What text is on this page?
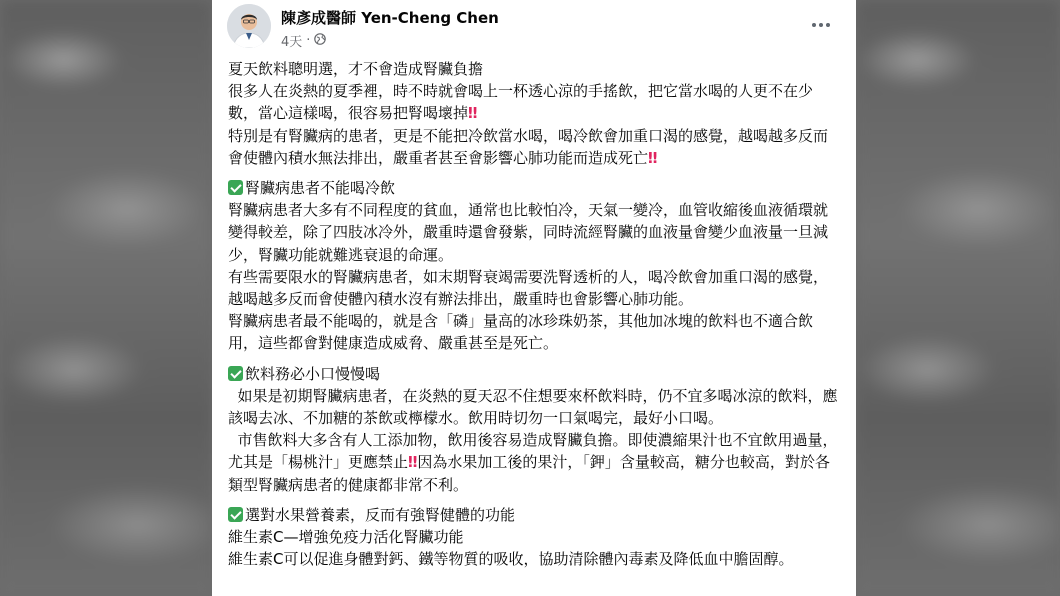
陳彥成醫師 Yen-Cheng Chen
4天 ·

夏天飲料聰明選，才不會造成腎臟負擔

很多人在炎熱的夏季裡，時不時就會喝上一杯透心涼的手搖飲，把它當水喝的人更不在少數，當心這樣喝，很容易把腎喝壞掉‼

特別是有腎臟病的患者，更是不能把冷飲當水喝，喝冷飲會加重口渴的感覺，越喝越多反而會使體內積水無法排出，嚴重者甚至會影響心肺功能而造成死亡‼

腎臟病患者不能喝冷飲

腎臟病患者大多有不同程度的貧血，通常也比較怕冷，天氣一變冷，血管收縮後血液循環就變得較差，除了四肢冰冷外，嚴重時還會發紫，同時流經腎臟的血液量會變少血液量一旦減少，腎臟功能就難逃衰退的命運。

有些需要限水的腎臟病患者，如末期腎衰竭需要洗腎透析的人，喝冷飲會加重口渴的感覺，越喝越多反而會使體內積水沒有辦法排出，嚴重時也會影響心肺功能。

腎臟病患者最不能喝的，就是含「磷」量高的冰珍珠奶茶，其他加冰塊的飲料也不適合飲用，這些都會對健康造成威脅、嚴重甚至是死亡。

飲料務必小口慢慢喝

如果是初期腎臟病患者，在炎熱的夏天忍不住想要來杯飲料時，仍不宜多喝冰涼的飲料，應該喝去冰、不加糖的茶飲或檸檬水。飲用時切勿一口氣喝完，最好小口喝。

市售飲料大多含有人工添加物，飲用後容易造成腎臟負擔。即使濃縮果汁也不宜飲用過量，尤其是「楊桃汁」更應禁止‼ 因為水果加工後的果汁，「鉀」含量較高，糖分也較高，對於各類型腎臟病患者的健康都非常不利。

選對水果營養素，反而有強腎健體的功能

維生素C—增強免疫力活化腎臟功能

維生素C可以促進身體對鈣、鐵等物質的吸收，協助清除體內毒素及降低血中膽固醇。
